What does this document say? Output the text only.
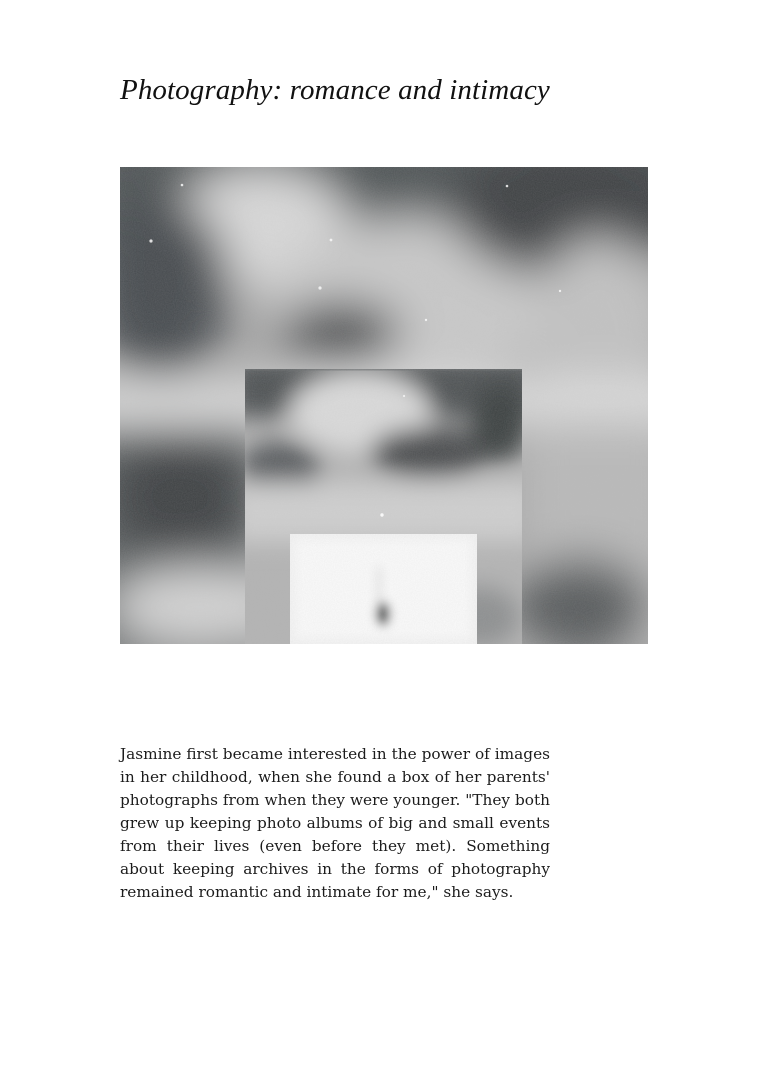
Photography: romance and intimacy

Jasmine first became interested in the power of images in her childhood, when she found a box of her parents' photographs from when they were younger. "They both grew up keeping photo albums of big and small events from their lives (even before they met). Something about keeping archives in the forms of photography remained romantic and intimate for me," she says.
